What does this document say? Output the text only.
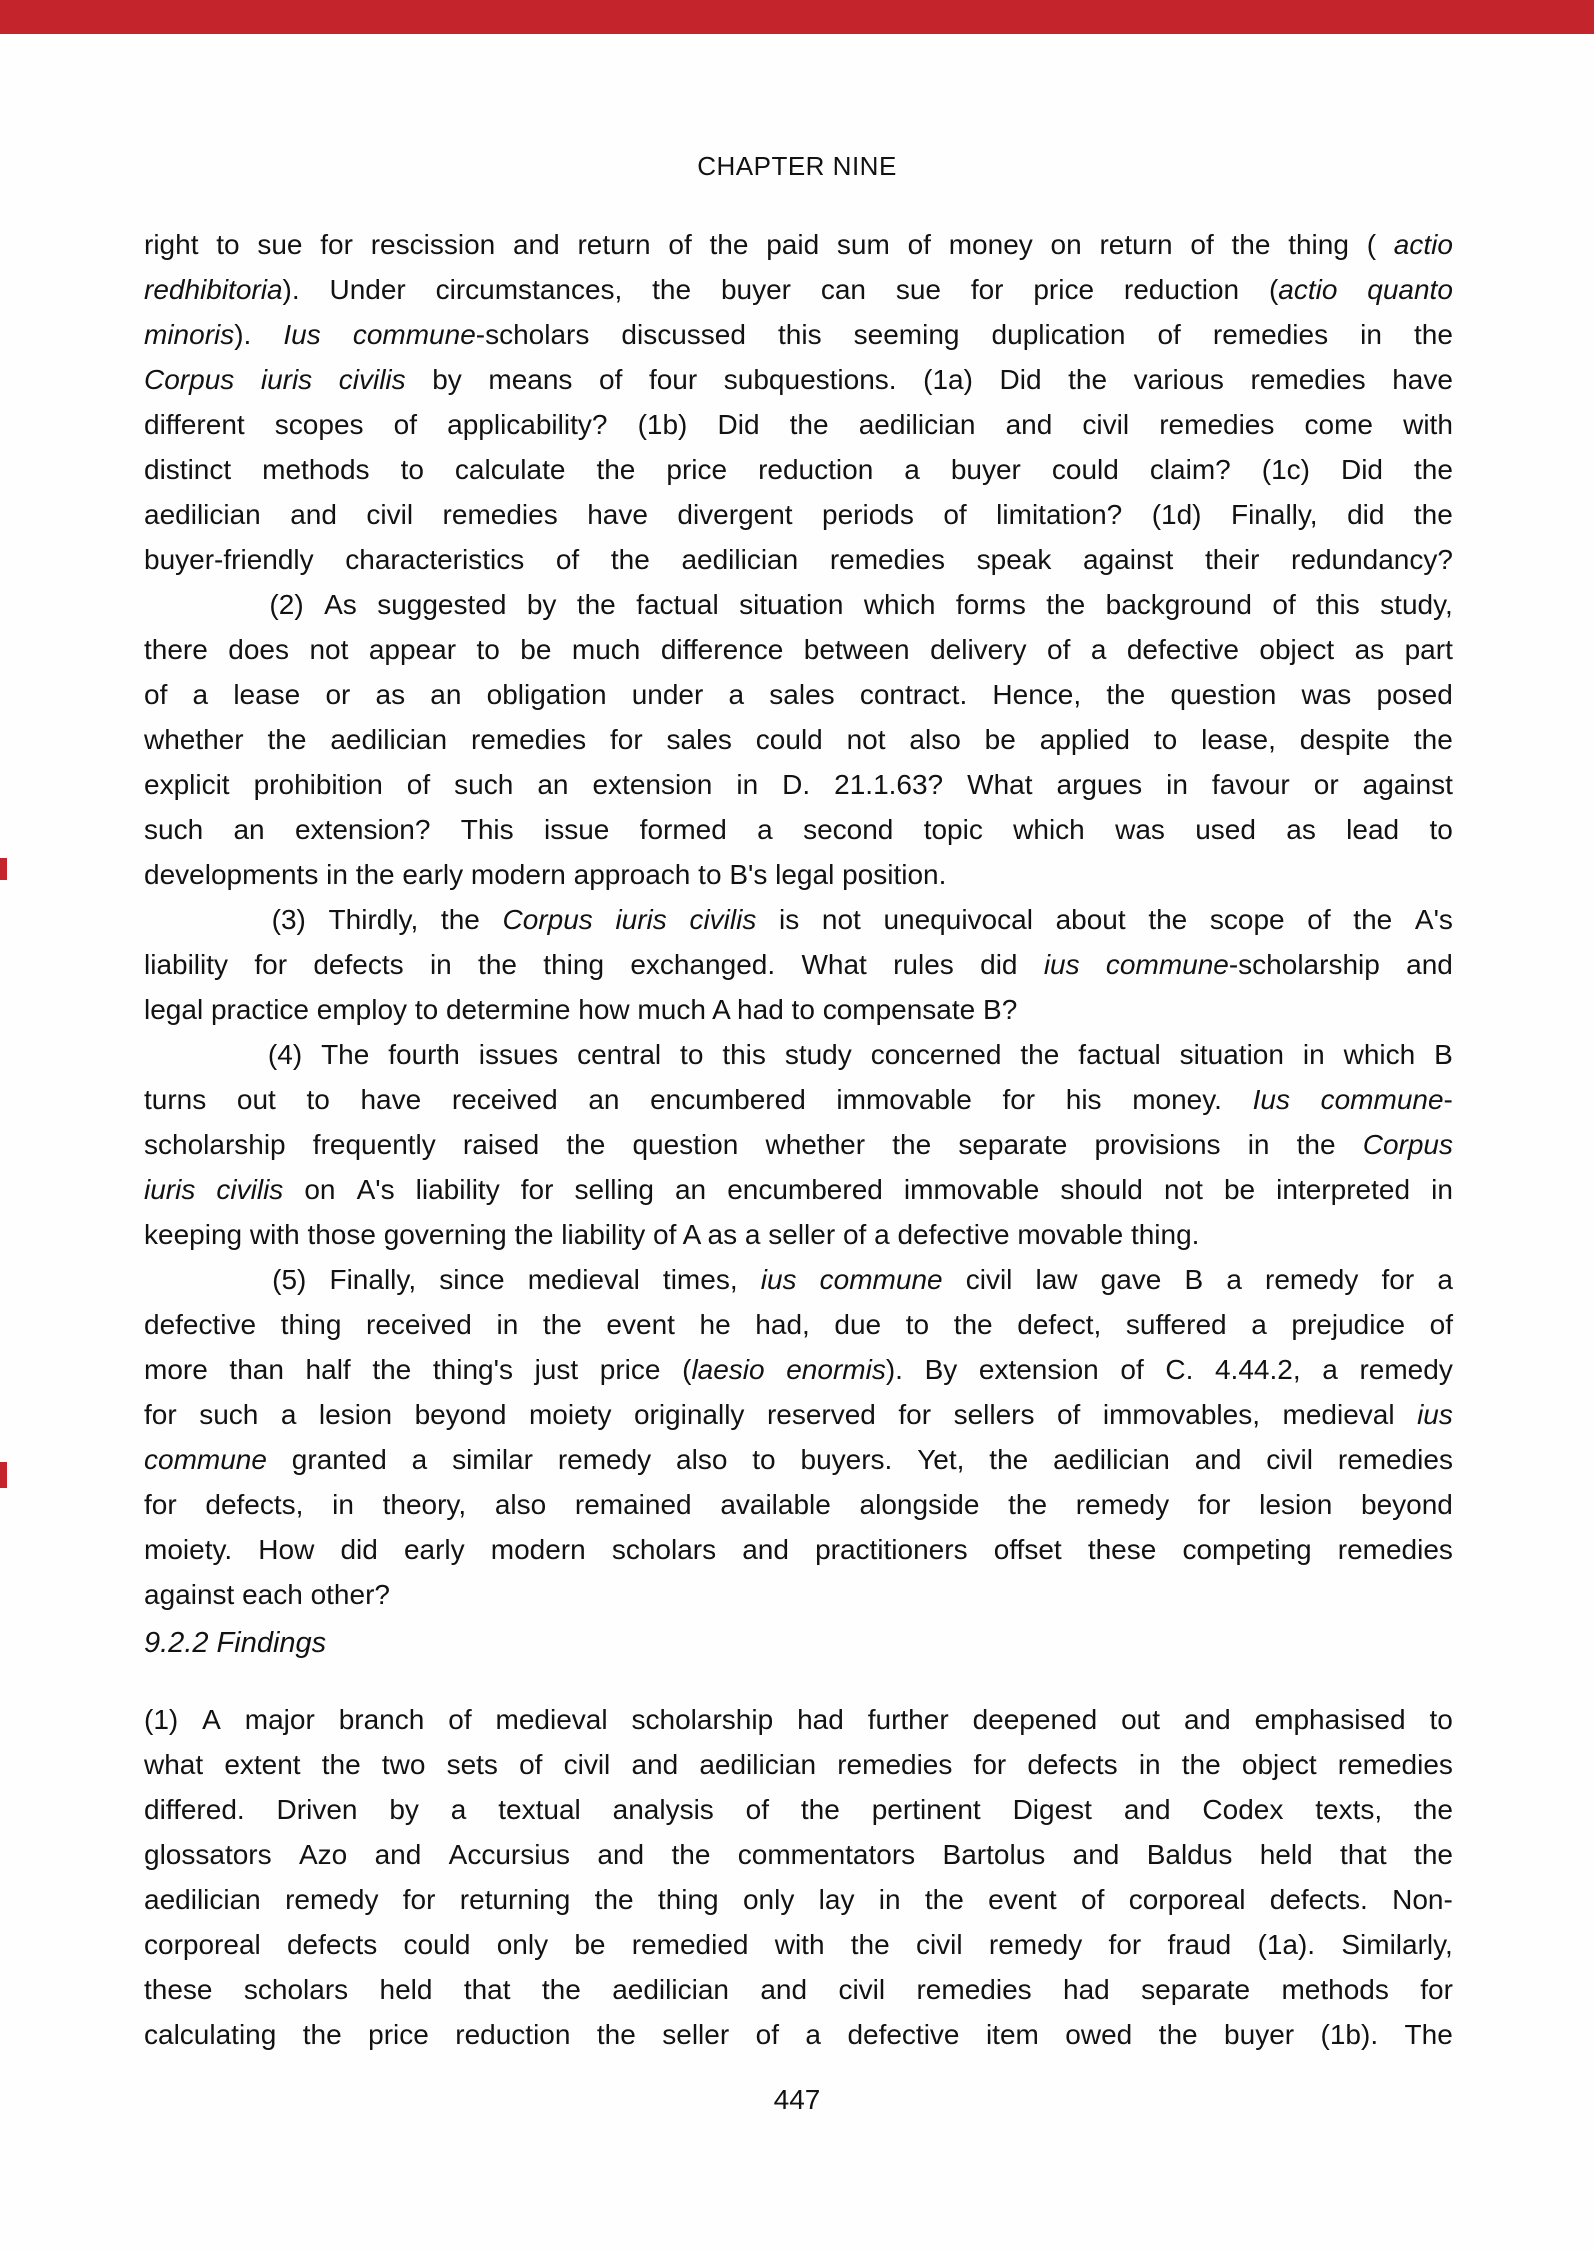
CHAPTER NINE
right to sue for rescission and return of the paid sum of money on return of the thing ( actio
redhibitoria). Under circumstances, the buyer can sue for price reduction (actio quanto
minoris). Ius commune-scholars discussed this seeming duplication of remedies in the
Corpus iuris civilis by means of four subquestions. (1a) Did the various remedies have
different scopes of applicability? (1b) Did the aedilician and civil remedies come with
distinct methods to calculate the price reduction a buyer could claim? (1c) Did the
aedilician and civil remedies have divergent periods of limitation? (1d) Finally, did the
buyer-friendly characteristics of the aedilician remedies speak against their redundancy?
(2) As suggested by the factual situation which forms the background of this study,
there does not appear to be much difference between delivery of a defective object as part
of a lease or as an obligation under a sales contract. Hence, the question was posed
whether the aedilician remedies for sales could not also be applied to lease, despite the
explicit prohibition of such an extension in D. 21.1.63? What argues in favour or against
such an extension? This issue formed a second topic which was used as lead to
developments in the early modern approach to B's legal position.
(3) Thirdly, the Corpus iuris civilis is not unequivocal about the scope of the A's
liability for defects in the thing exchanged. What rules did ius commune-scholarship and
legal practice employ to determine how much A had to compensate B?
(4) The fourth issues central to this study concerned the factual situation in which B
turns out to have received an encumbered immovable for his money. Ius commune-
scholarship frequently raised the question whether the separate provisions in the Corpus
iuris civilis on A's liability for selling an encumbered immovable should not be interpreted in
keeping with those governing the liability of A as a seller of a defective movable thing.
(5) Finally, since medieval times, ius commune civil law gave B a remedy for a
defective thing received in the event he had, due to the defect, suffered a prejudice of
more than half the thing's just price (laesio enormis). By extension of C. 4.44.2, a remedy
for such a lesion beyond moiety originally reserved for sellers of immovables, medieval ius
commune granted a similar remedy also to buyers. Yet, the aedilician and civil remedies
for defects, in theory, also remained available alongside the remedy for lesion beyond
moiety. How did early modern scholars and practitioners offset these competing remedies
against each other?
9.2.2 Findings
(1) A major branch of medieval scholarship had further deepened out and emphasised to
what extent the two sets of civil and aedilician remedies for defects in the object remedies
differed. Driven by a textual analysis of the pertinent Digest and Codex texts, the
glossators Azo and Accursius and the commentators Bartolus and Baldus held that the
aedilician remedy for returning the thing only lay in the event of corporeal defects. Non-
corporeal defects could only be remedied with the civil remedy for fraud (1a). Similarly,
these scholars held that the aedilician and civil remedies had separate methods for
calculating the price reduction the seller of a defective item owed the buyer (1b). The
447
